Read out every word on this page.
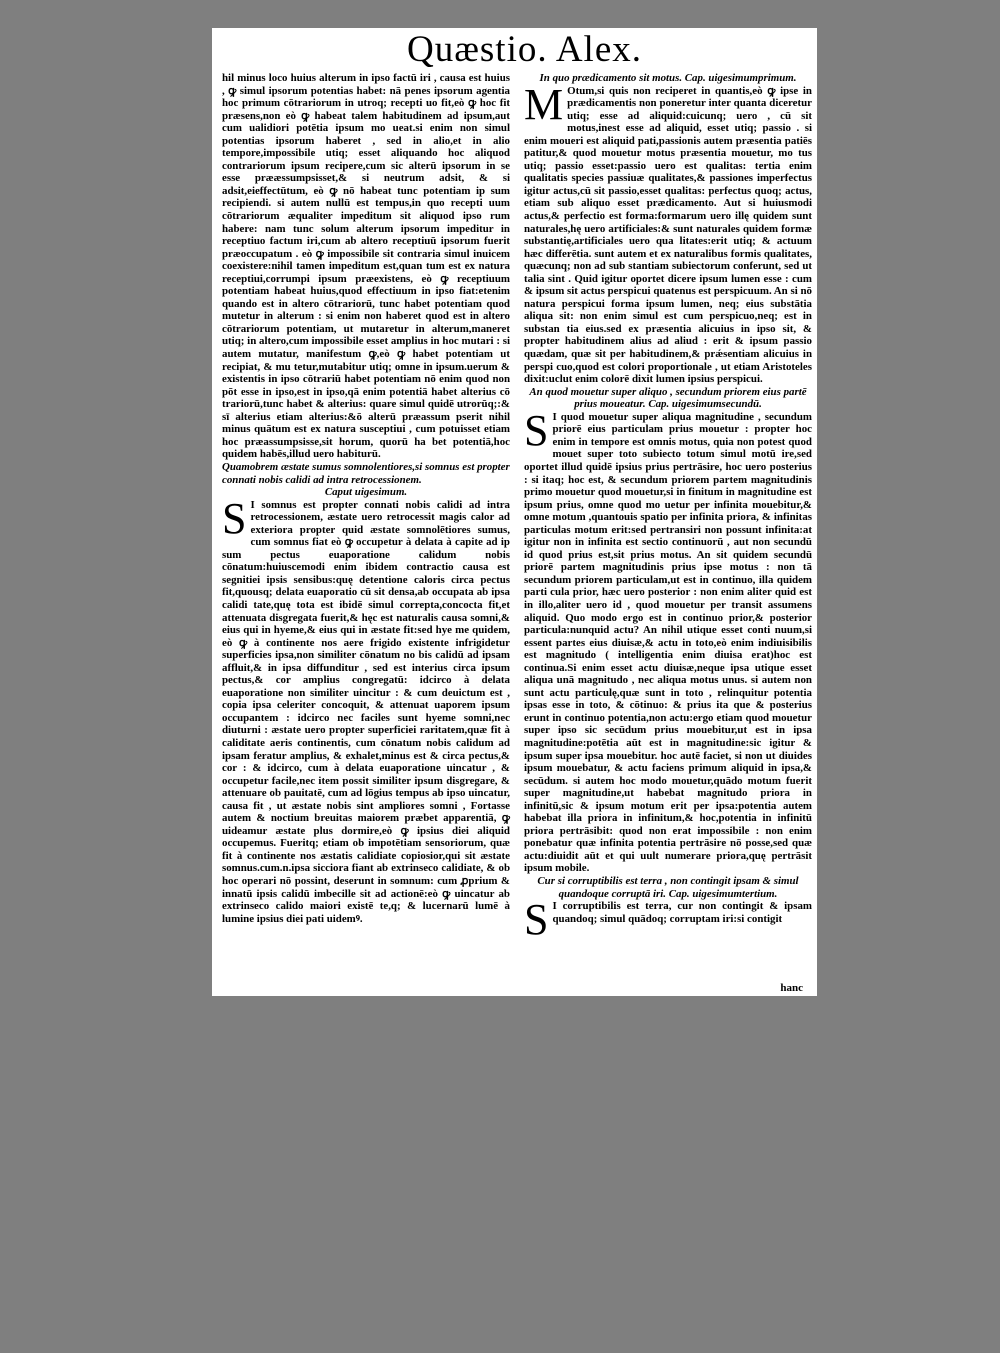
Quæstio. Alex.

hil minus loco huius alterum in ipso factū iri , causa est huius , ꝙ simul ipsorum potentias habet: nā penes ipsorum agentia hoc primum cōtrariorum in utroq; recepti uo fit,eò ꝙ hoc fit præsens,non eò ꝙ habeat talem habitudinem ad ipsum,aut cum ualidiori potētia ipsum mo ueat.si enim non simul potentias ipsorum haberet , sed in alio,et in alio tempore,impossibile utiq; esset aliquando hoc aliquod contrariorum ipsum recipere,cum sic alterū ipsorum in se esse prææssumpsisset,& si neutrum adsit, & si adsit,eieffectūtum, eò ꝙ nō habeat tunc potentiam ip sum recipiendi. si autem nullū est tempus,in quo recepti uum cōtrariorum æqualiter impeditum sit aliquod ipso rum habere: nam tunc solum alterum ipsorum impeditur in receptiuo factum iri,cum ab altero receptiuū ipsorum fuerit præoccupatum . eò ꝙ impossibile sit contraria simul inuicem coexistere:nihil tamen impeditum est,quan tum est ex natura receptiui,corrumpi ipsum præexistens, eò ꝙ receptiuum potentiam habeat huius,quod effectiuum in ipso fiat:etenim quando est in altero cōtrariorū, tunc habet potentiam quod mutetur in alterum : si enim non haberet quod est in altero cōtrariorum potentiam, ut mutaretur in alterum,maneret utiq; in altero,cum impossibile esset amplius in hoc mutari : si autem mutatur, manifestum ꝙ,eò ꝙ habet potentiam ut recipiat, & mu tetur,mutabitur utiq; omne in ipsum.uerum & existentis in ipso cōtrariū habet potentiam nō enim quod non pōt esse in ipso,est in ipso,qā enim potentiā habet alterius cō trariorū,tunc habet & alterius: quare simul quidē utrorūq;:& sī alterius etiam alterius:&ō alterū præassum pserit nihil minus quātum est ex natura susceptiui , cum potuisset etiam hoc præassumpsisse,sit horum, quorū ha bet potentiā,hoc quidem habēs,illud uero habiturū.

Quamobrem æstate sumus somnolentiores,si somnus est propter connati nobis calidi ad intra retrocessionem.

Caput uigesimum.

S I somnus est propter connati nobis calidi ad intra retrocessionem, æstate uero retrocessit magis calor ad exteriora propter quid æstate somnolētiores sumus, cum somnus fiat eò ꝙ occupetur à delata à capite ad ip sum pectus euaporatione calidum nobis cōnatum:huiuscemodi enim ibidem contractio causa est segnitiei ipsis sensibus:quę detentione caloris circa pectus fit,quousq; delata euaporatio cū sit densa,ab occupata ab ipsa calidi tate,quę tota est ibidē simul correpta,concocta fit,et attenuata disgregata fuerit,& hęc est naturalis causa somni,& eius qui in hyeme,& eius qui in æstate fit:sed hye me quidem, eò ꝙ à continente nos aere frigido existente infrigidetur superficies ipsa,non similiter cōnatum no bis calidū ad ipsam affluit,& in ipsa diffunditur , sed est interius circa ipsum pectus,& cor amplius congregatū: idcirco à delata euaporatione non similiter uincitur : & cum deuictum est , copia ipsa celeriter concoquit, & attenuat uaporem ipsum occupantem : idcirco nec faciles sunt hyeme somni,nec diuturni : æstate uero propter superficiei raritatem,quæ fit à caliditate aeris continentis, cum cōnatum nobis calidum ad ipsam feratur amplius, & exhalet,minus est & circa pectus,& cor : & idcirco, cum à delata euaporatione uincatur , & occupetur facile,nec item possit similiter ipsum disgregare, & attenuare ob pauitatē, cum ad lōgius tempus ab ipso uincatur, causa fit , ut æstate nobis sint ampliores somni , Fortasse autem & noctium breuitas maiorem præbet apparentiā, ꝙ uideamur æstate plus dormire,eò ꝙ ipsius diei aliquid occupemus. Fueritq; etiam ob impotētiam sensoriorum, quæ fit à continente nos æstatis calidiate copiosior,qui sit æstate somnus.cum.n.ipsa sicciora fiant ab extrinseco calidiate, & ob hoc operari nō possint, deserunt in somnum: cum ꝓprium & innatū ipsis calidū imbecille sit ad actionē:eò ꝙ uincatur ab extrinseco calido maiori existē te,q; & lucernarū lumē à lumine ipsius diei pati uidemꝰ.

In quo prædicamento sit motus. Cap. uigesimumprimum.

M Otum,si quis non reciperet in quantis,eò ꝙ ipse in prædicamentis non poneretur inter quanta diceretur utiq; esse ad aliquid:cuicunq; uero , cū sit motus,inest esse ad aliquid, esset utiq; passio . si enim moueri est aliquid pati,passionis autem præsentia patiēs patitur,& quod mouetur motus præsentia mouetur, mo tus utiq; passio esset:passio uero est qualitas: tertia enim qualitatis species passiuæ qualitates,& passiones imperfectus igitur actus,cū sit passio,esset qualitas: perfectus quoq; actus, etiam sub aliquo esset prædicamento. Aut si huiusmodi actus,& perfectio est forma:formarum uero illę quidem sunt naturales,hę uero artificiales:& sunt naturales quidem formæ substantię,artificiales uero qua litates:erit utiq; & actuum hæc differētia. sunt autem et ex naturalibus formis qualitates, quæcunq; non ad sub stantiam subiectorum conferunt, sed ut talia sint . Quid igitur oportet dicere ipsum lumen esse : cum & ipsum sit actus perspicui quatenus est perspicuum. An si nō natura perspicui forma ipsum lumen, neq; eius substātia aliqua sit: non enim simul est cum perspicuo,neq; est in substan tia eius.sed ex præsentia alicuius in ipso sit, & propter habitudinem alius ad aliud : erit & ipsum passio quædam, quæ sit per habitudinem,& prǽsentiam alicuius in perspi cuo,quod est colori proportionale , ut etiam Aristoteles dixit:uclut enim colorē dixit lumen ipsius perspicui.

An quod mouetur super aliquo , secundum priorem eius partē prius moueatur. Cap. uigesimumsecundū.

S I quod mouetur super aliqua magnitudine , secundum priorē eius particulam prius mouetur : propter hoc enim in tempore est omnis motus, quia non potest quod mouet super toto subiecto totum simul motū ire,sed oportet illud quidē ipsius prius pertrāsire, hoc uero posterius : si itaq; hoc est, & secundum priorem partem magnitudinis primo mouetur quod mouetur,si in finitum in magnitudine est ipsum prius, omne quod mo uetur per infinita mouebitur,& omne motum ,quantouis spatio per infinita priora, & infinitas particulas motum erit:sed pertransiri non possunt infinita:at igitur non in infinita est sectio continuorū , aut non secundū id quod prius est,sit prius motus. An sit quidem secundū priorē partem magnitudinis prius ipse motus : non tā secundum priorem particulam,ut est in continuo, illa quidem parti cula prior, hæc uero posterior : non enim aliter quid est in illo,aliter uero id , quod mouetur per transit assumens aliquid. Quo modo ergo est in continuo prior,& posterior particula:nunquid actu? An nihil utique esset conti nuum,si essent partes eius diuisæ,& actu in toto,eò enim indiuisibilis est magnitudo ( intelligentia enim diuisa erat)hoc est continua.Si enim esset actu diuisæ,neque ipsa utique esset aliqua unā magnitudo , nec aliqua motus unus. si autem non sunt actu particulę,quæ sunt in toto , relinquitur potentia ipsas esse in toto, & cōtinuo: & prius ita que & posterius erunt in continuo potentia,non actu:ergo etiam quod mouetur super ipso sic secūdum prius mouebitur,ut est in ipsa magnitudine:potētia aūt est in magnitudine:sic igitur & ipsum super ipsa mouebitur. hoc autē faciet, si non ut diuides ipsum mouebatur, & actu faciens primum aliquid in ipsa,& secūdum. si autem hoc modo mouetur,quādo motum fuerit super magnitudine,ut habebat magnitudo priora in infinitū,sic & ipsum motum erit per ipsa:potentia autem habebat illa priora in infinitum,& hoc,potentia in infinitū priora pertrāsibit: quod non erat impossibile : non enim ponebatur quæ infinita potentia pertrāsire nō posse,sed quæ actu:diuidit aūt et qui uult numerare priora,quę pertrāsit ipsum mobile.

Cur si corruptibilis est terra , non contingit ipsam & simul quandoque corruptā iri. Cap. uigesimumtertium.

S I corruptibilis est terra, cur non contingit & ipsam quandoq; simul quādoq; corruptam iri:si contigit

hanc
